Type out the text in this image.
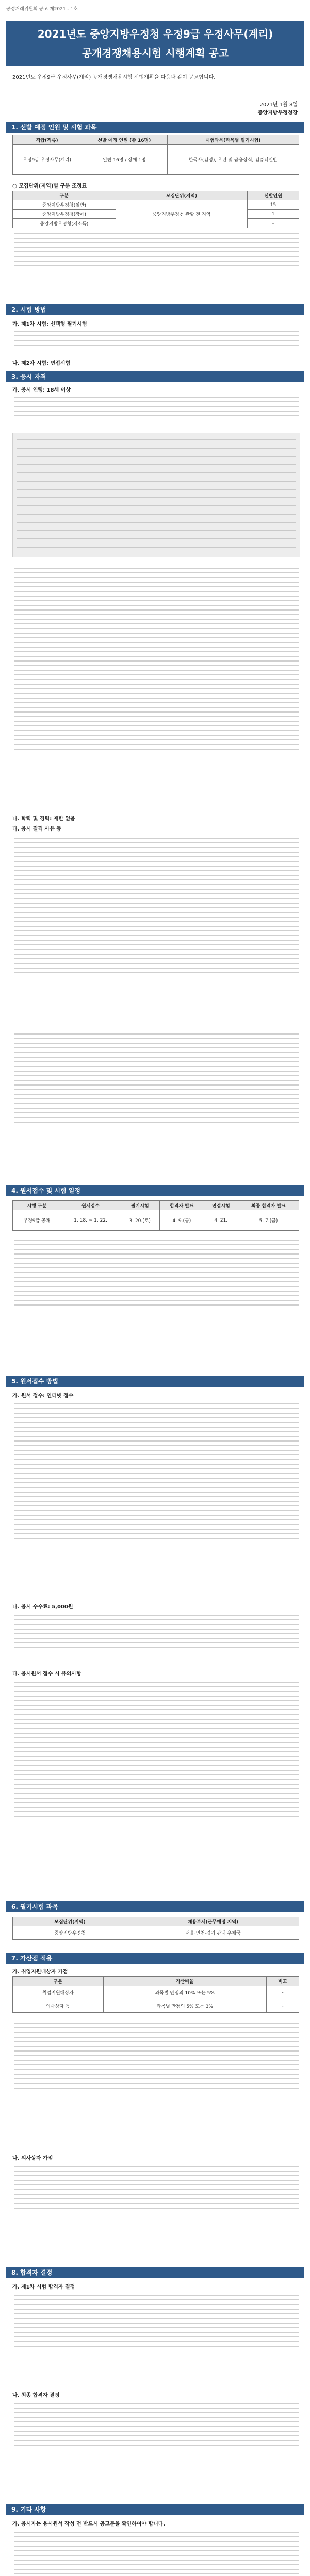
공정거래위원회 공고 제2021 - 1호
2021년도 중앙지방우정청 우정9급 우정사무(계리)
공개경쟁채용시험 시행계획 공고
2021년도 우정9급 우정사무(계리) 공개경쟁채용시험 시행계획을 다음과 같이 공고합니다.
2021년 1월 8일
중앙지방우정청장
1. 선발 예정 인원 및 시험 과목
직급(직류)	선발 예정 인원 (총 16명)	시험과목(과목별 필기시험)
우정9급 우정사무(계리)	일반 16명 / 장애 1명	한국사(검정), 우편 및 금융상식, 컴퓨터일반
○ 모집단위(지역)별 구분 조정표
구분	모집단위(지역)	선발인원
중앙지방우정청(일반)	중앙지방우정청 관할 전 지역	15
중앙지방우정청(장애)		1
중앙지방우정청(저소득)		-
2. 시험 방법
가. 제1차 시험: 선택형 필기시험
나. 제2차 시험: 면접시험
3. 응시 자격
가. 응시 연령: 18세 이상
나. 학력 및 경력: 제한 없음
다. 응시 결격 사유 등
4. 원서접수 및 시험 일정
시행 구분	원서접수	필기시험	합격자 발표	면접시험	최종 합격자 발표
우정9급 공채	1. 18. ~ 1. 22.	3. 20.(토)	4. 9.(금)	4. 21.	5. 7.(금)
5. 원서접수 방법
가. 원서 접수: 인터넷 접수
나. 응시 수수료: 5,000원
다. 응시원서 접수 시 유의사항
6. 필기시험 과목
모집단위(지역)	채용부서(근무예정 지역)
중앙지방우정청	서울·인천·경기 관내 우체국
7. 가산점 적용
가. 취업지원대상자 가점
구분	가산비율	비고
취업지원대상자	과목별 만점의 10% 또는 5%	-
의사상자 등	과목별 만점의 5% 또는 3%	-
나. 의사상자 가점
8. 합격자 결정
가. 제1차 시험 합격자 결정
나. 최종 합격자 결정
9. 기타 사항
가. 응시자는 응시원서 작성 전 반드시 공고문을 확인하여야 합니다.
